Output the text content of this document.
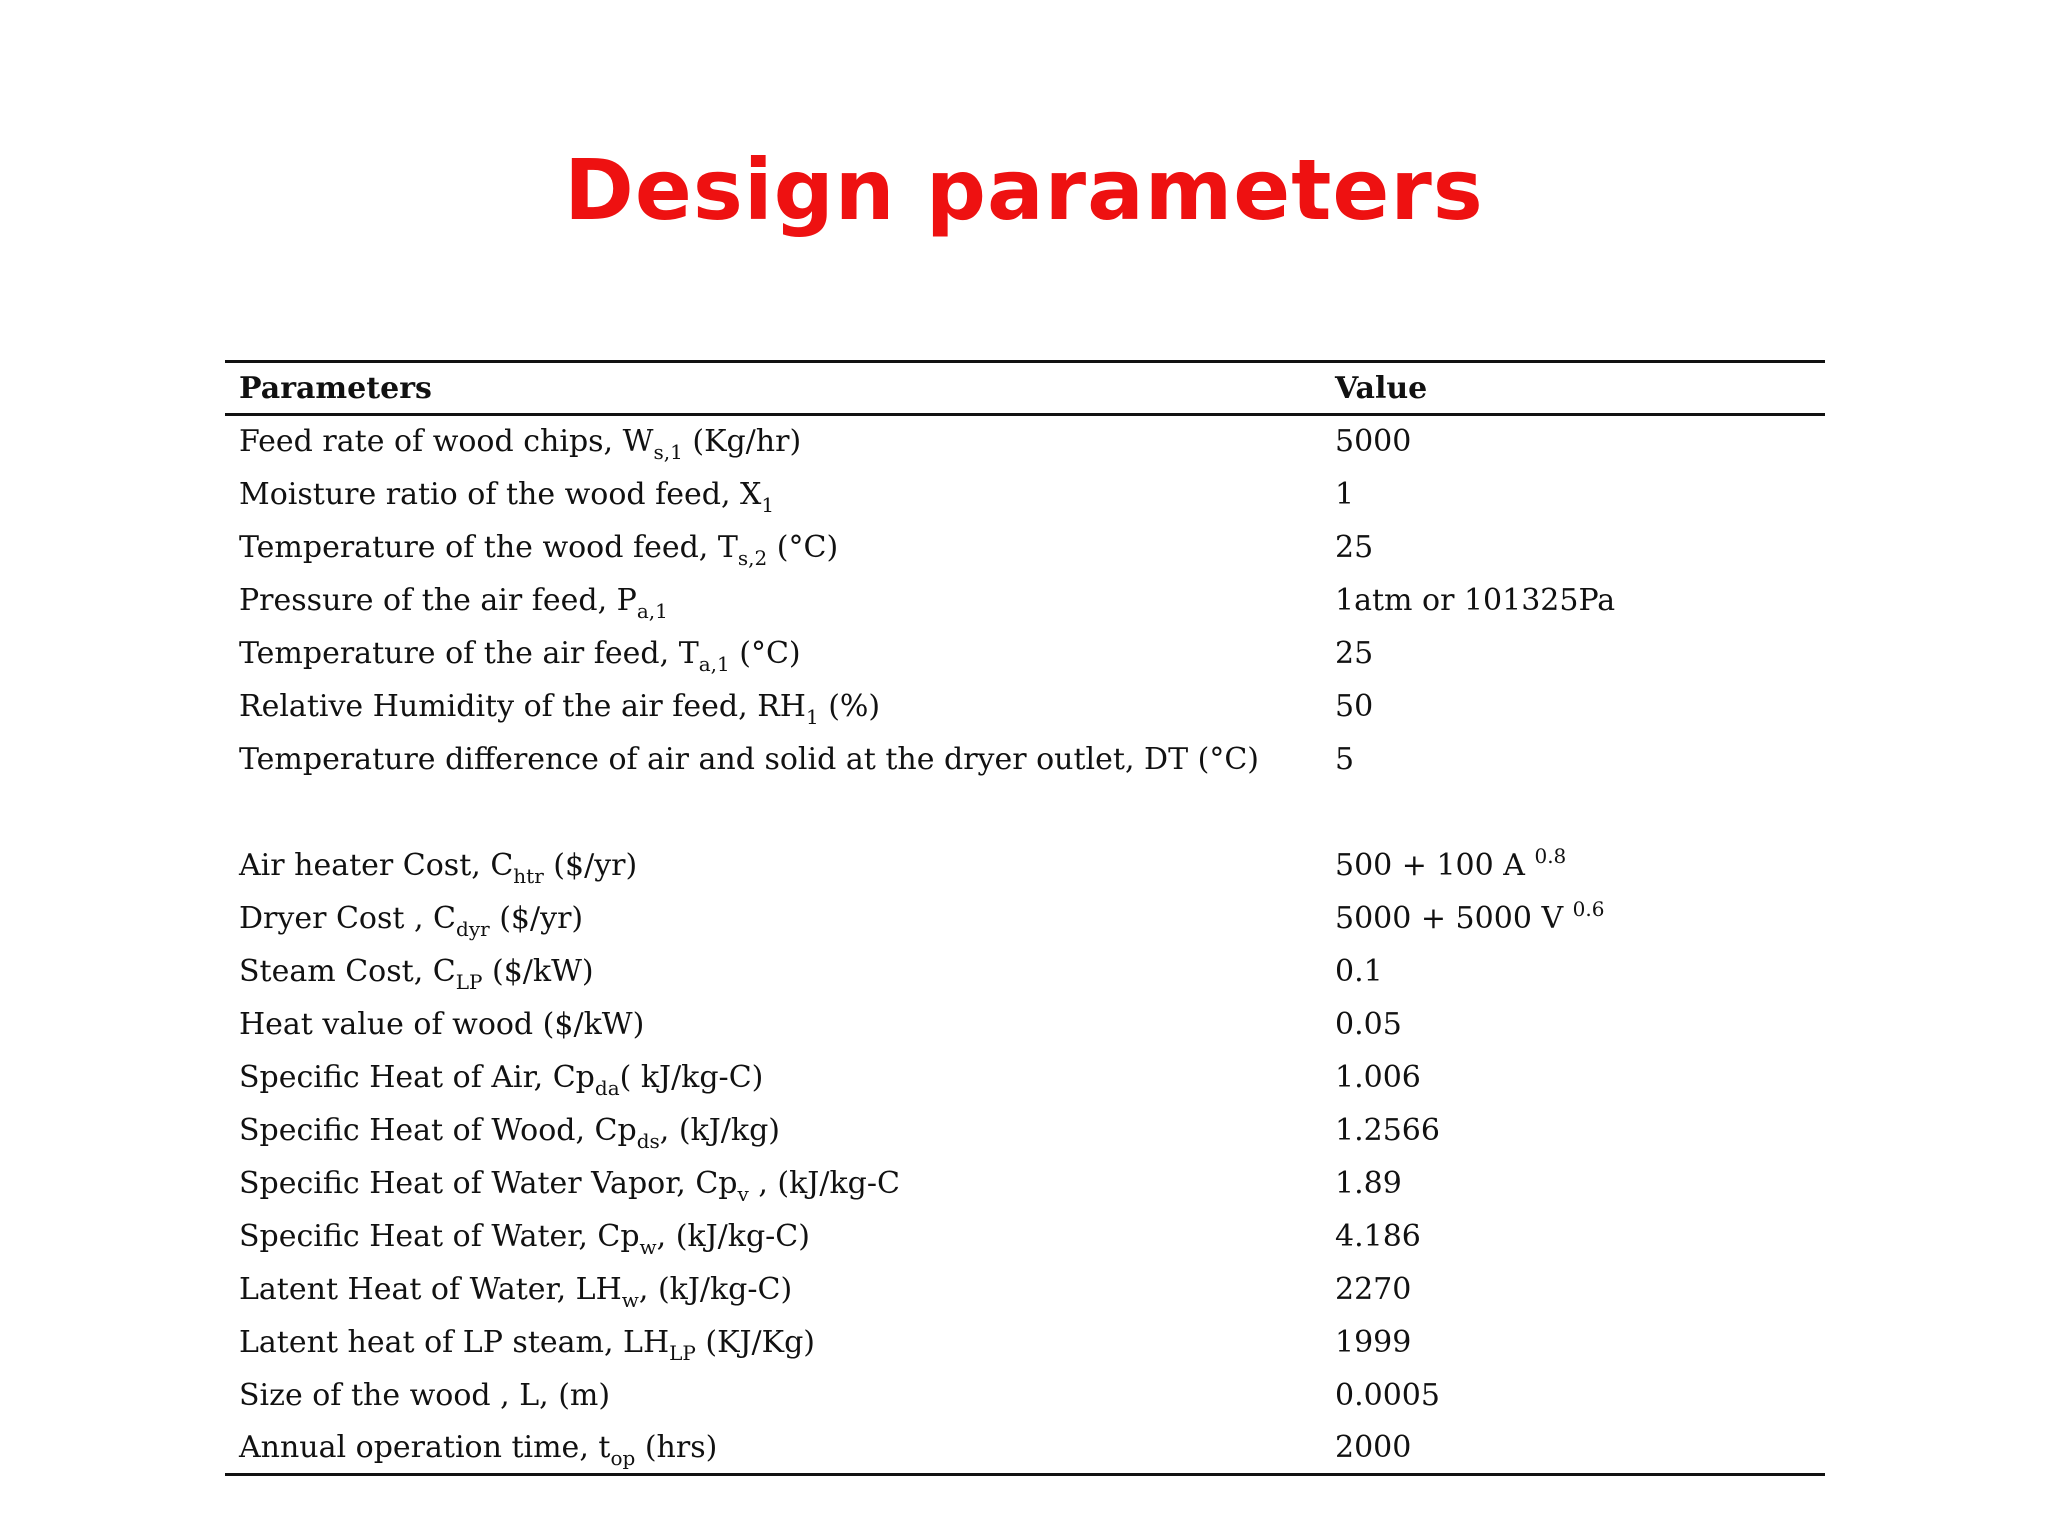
Design parameters
Parameters	Value
Feed rate of wood chips, $W_{s,1}$ (Kg/hr)	5000
Moisture ratio of the wood feed, $X_1$	1
Temperature of the wood feed, $T_{s,2}$ (°C)	25
Pressure of the air feed, $P_{a,1}$	1atm or 101325Pa
Temperature of the air feed, $T_{a,1}$ (°C)	25
Relative Humidity of the air feed, $RH_1$ (%)	50
Temperature difference of air and solid at the dryer outlet, DT (°C)	5

Air heater Cost, $C_{htr}$ ($/yr)	500 + 100 A $^{0.8}$
Dryer Cost , $C_{dyr}$ ($/yr)	5000 + 5000 V $^{0.6}$
Steam Cost, $C_{LP}$ ($/kW)	0.1
Heat value of wood ($/kW)	0.05
Specific Heat of Air, $Cp_{da}$( kJ/kg-C)	1.006
Specific Heat of Wood, $Cp_{ds}$, (kJ/kg)	1.2566
Specific Heat of Water Vapor, $Cp_v$ , (kJ/kg-C	1.89
Specific Heat of Water, $Cp_w$, (kJ/kg-C)	4.186
Latent Heat of Water, $LH_w$, (kJ/kg-C)	2270
Latent heat of LP steam, $LH_{LP}$ (KJ/Kg)	1999
Size of the wood , L, (m)	0.0005
Annual operation time, $t_{op}$ (hrs)	2000
